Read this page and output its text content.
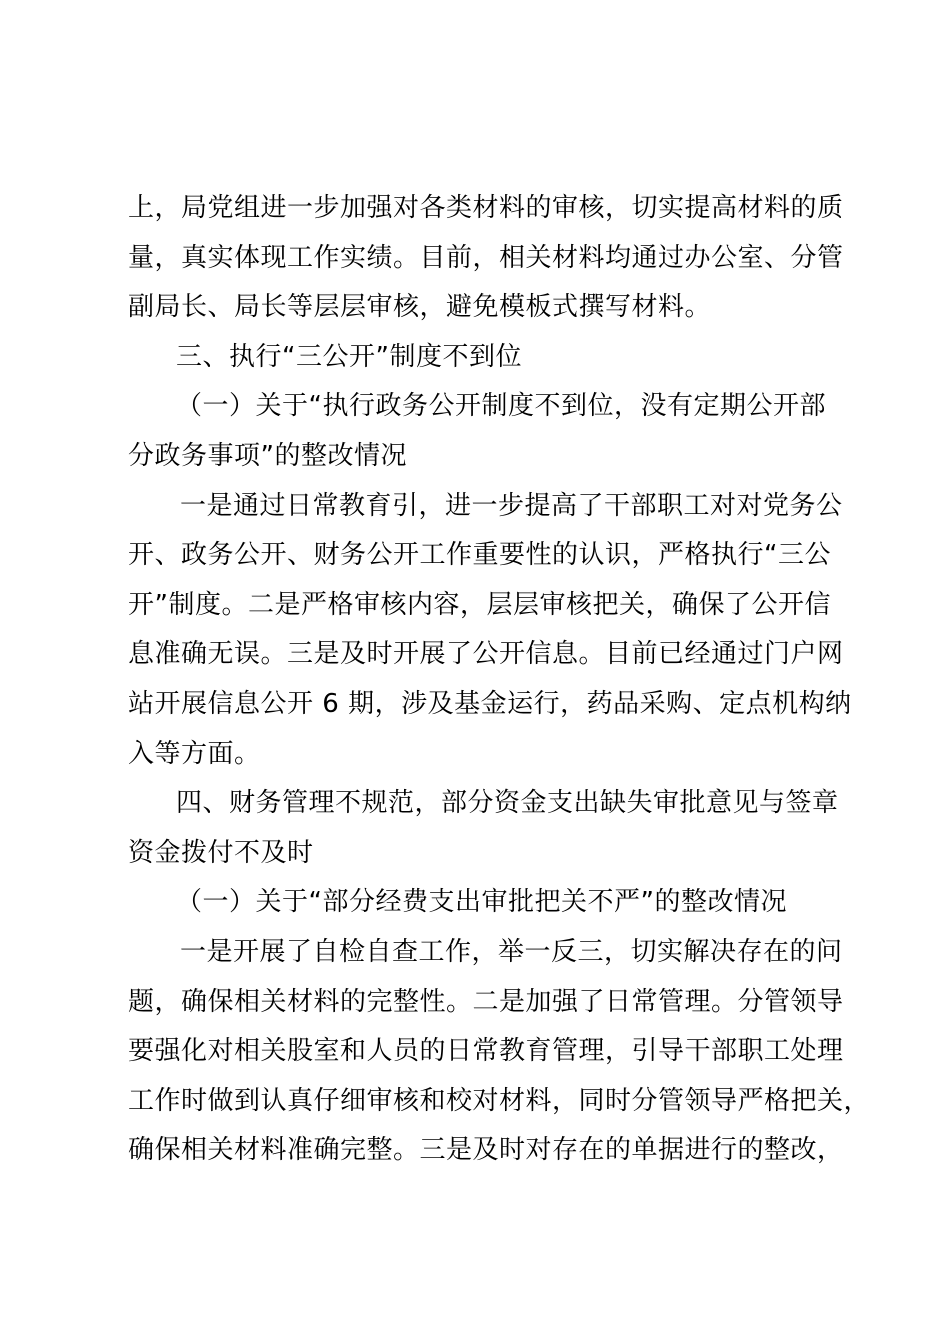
上，局党组进一步加强对各类材料的审核，切实提高材料的质
量，真实体现工作实绩。目前，相关材料均通过办公室、分管
副局长、局长等层层审核，避免模板式撰写材料。
三、执行“三公开”制度不到位
（一）关于“执行政务公开制度不到位，没有定期公开部
分政务事项”的整改情况
一是通过日常教育引，进一步提高了干部职工对对党务公
开、政务公开、财务公开工作重要性的认识，严格执行“三公
开”制度。二是严格审核内容，层层审核把关，确保了公开信
息准确无误。三是及时开展了公开信息。目前已经通过门户网
站开展信息公开 6 期，涉及基金运行，药品采购、定点机构纳
入等方面。
四、财务管理不规范，部分资金支出缺失审批意见与签章
资金拨付不及时
（一）关于“部分经费支出审批把关不严”的整改情况
一是开展了自检自查工作，举一反三，切实解决存在的问
题，确保相关材料的完整性。二是加强了日常管理。分管领导
要强化对相关股室和人员的日常教育管理，引导干部职工处理
工作时做到认真仔细审核和校对材料，同时分管领导严格把关，
确保相关材料准确完整。三是及时对存在的单据进行的整改，
